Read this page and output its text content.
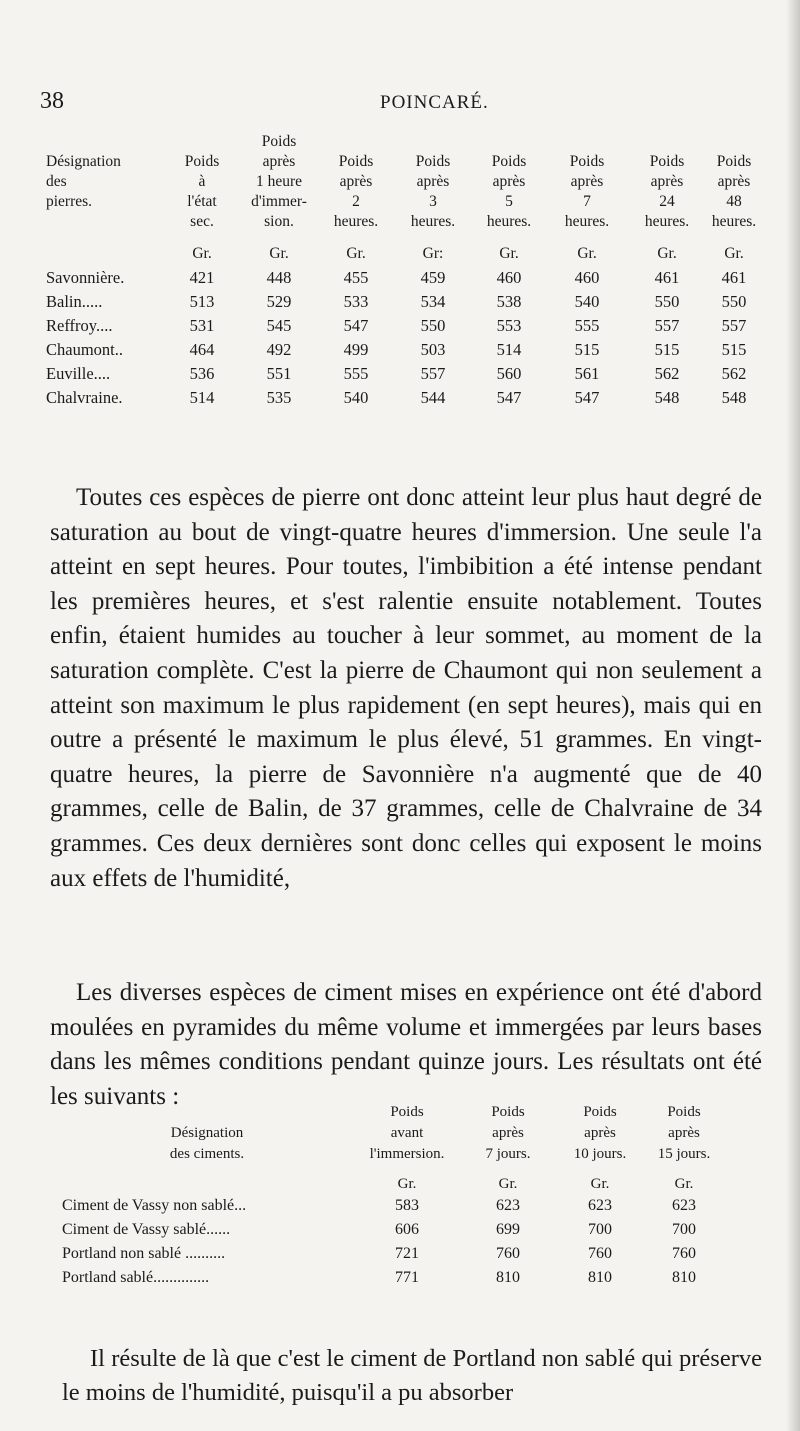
38	POINCARÉ.
		Poids						
Désignation	Poids	après	Poids	Poids	Poids	Poids	Poids	Poids
des	à	1 heure	après	après	après	après	après	après
pierres.	l'état	d'immer-	2	3	5	7	24	48
	sec.	sion.	heures.	heures.	heures.	heures.	heures.	heures.
	Gr.	Gr.	Gr.	Gr:	Gr.	Gr.	Gr.	Gr.
Savonnière.	421	448	455	459	460	460	461	461
Balin.....	513	529	533	534	538	540	550	550
Reffroy....	531	545	547	550	553	555	557	557
Chaumont..	464	492	499	503	514	515	515	515
Euville....	536	551	555	557	560	561	562	562
Chalvraine.	514	535	540	544	547	547	548	548

Toutes ces espèces de pierre ont donc atteint leur plus haut degré de saturation au bout de vingt-quatre heures d'immersion. Une seule l'a atteint en sept heures. Pour toutes, l'imbibition a été intense pendant les premières heures, et s'est ralentie ensuite notablement. Toutes enfin, étaient humides au toucher à leur sommet, au moment de la saturation complète. C'est la pierre de Chaumont qui non seulement a atteint son maximum le plus rapidement (en sept heures), mais qui en outre a présenté le maximum le plus élevé, 51 grammes. En vingt-quatre heures, la pierre de Savonnière n'a augmenté que de 40 grammes, celle de Balin, de 37 grammes, celle de Chalvraine de 34 grammes. Ces deux dernières sont donc celles qui exposent le moins aux effets de l'humidité,

Les diverses espèces de ciment mises en expérience ont été d'abord moulées en pyramides du même volume et immergées par leurs bases dans les mêmes conditions pendant quinze jours. Les résultats ont été les suivants :

	Poids	Poids	Poids	Poids
Désignation	avant	après	après	après
des ciments.	l'immersion.	7 jours.	10 jours.	15 jours.
	Gr.	Gr.	Gr.	Gr.
Ciment de Vassy non sablé...	583	623	623	623
Ciment de Vassy sablé......	606	699	700	700
Portland non sablé ..........	721	760	760	760
Portland sablé..............	771	810	810	810

Il résulte de là que c'est le ciment de Portland non sablé qui préserve le moins de l'humidité, puisqu'il a pu absorber
